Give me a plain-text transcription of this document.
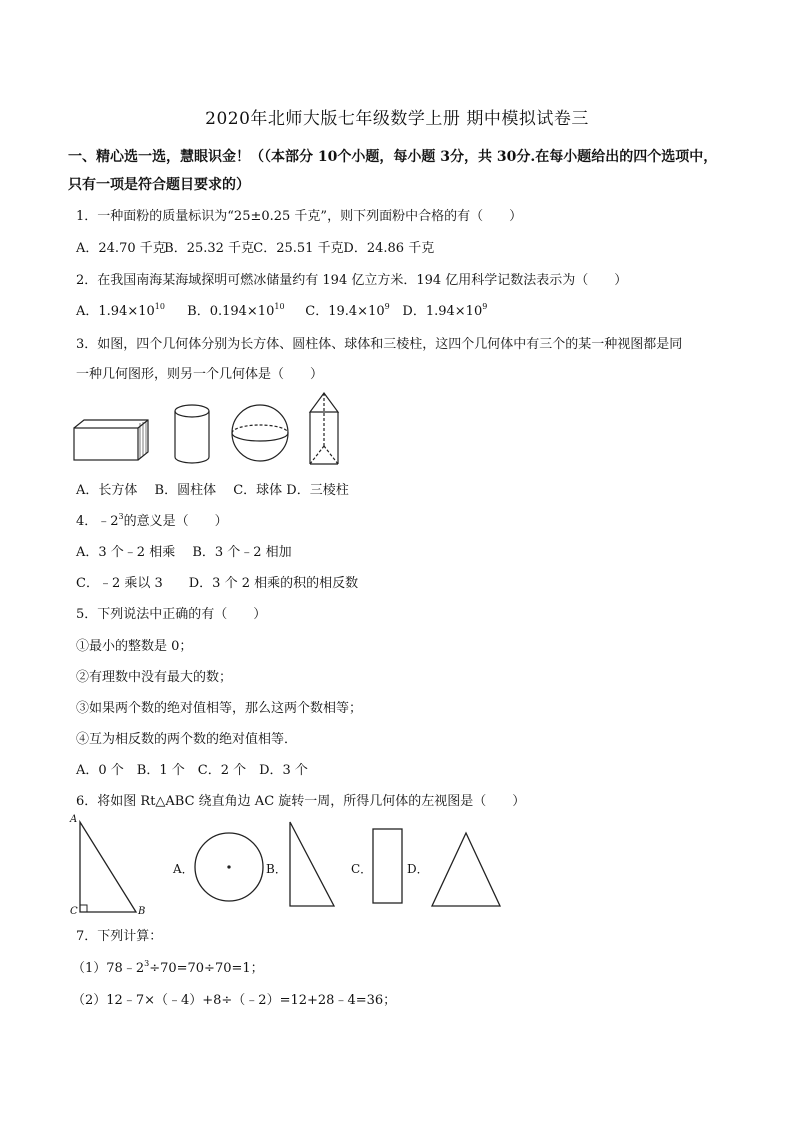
2020年北师大版七年级数学上册 期中模拟试卷三
一、精心选一选，慧眼识金！（（本部分 10个小题，每小题 3分，共 30分.在每小题给出的四个选项中，
只有一项是符合题目要求的）
1．一种面粉的质量标识为“25±0.25 千克”，则下列面粉中合格的有（　　）
A．24.70 千克 B．25.32 千克 C．25.51 千克 D．24.86 千克
2．在我国南海某海域探明可燃冰储量约有 194 亿立方米．194 亿用科学记数法表示为（　　）
A．$1.94\times 10^{10}$ B．$0.194\times 10^{10}$ C．$19.4\times 10^9$ D．$1.94\times 10^9$
3．如图，四个几何体分别为长方体、圆柱体、球体和三棱柱，这四个几何体中有三个的某一种视图都是同
一种几何图形，则另一个几何体是（　　）
A．长方体　 B．圆柱体　 C．球体 D．三棱柱
4．$﹣2^3$的意义是（　　）
A．3 个﹣2 相乘　 B．3 个﹣2 相加
C．﹣2 乘以 3　　D．3 个 2 相乘的积的相反数
5．下列说法中正确的有（　　）
①最小的整数是 0；
②有理数中没有最大的数；
③如果两个数的绝对值相等，那么这两个数相等；
④互为相反数的两个数的绝对值相等．
A．0 个　B．1 个　C．2 个　D．3 个
6．将如图 Rt△ABC 绕直角边 AC 旋转一周，所得几何体的左视图是（　　）
A
C	B
A．	B．	C．	D．
7．下列计算：
$(1)78﹣2^3\div 70=70\div 70=1$；
（2）12﹣7×（﹣4）+8÷（﹣2）=12+28﹣4=36；
